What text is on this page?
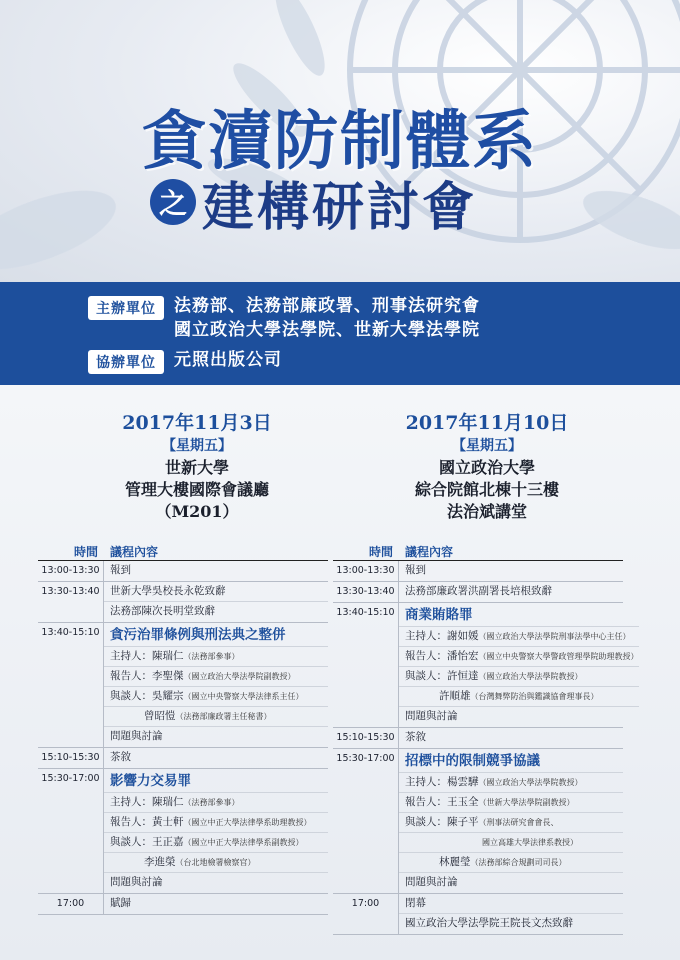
貪瀆防制體系
之 建構研討會
主辦單位	法務部、法務部廉政署、刑事法研究會
國立政治大學法學院、世新大學法學院
協辦單位	元照出版公司
2017年11月3日
【星期五】
世新大學
管理大樓國際會議廳
（M201）
2017年11月10日
【星期五】
國立政治大學
綜合院館北棟十三樓
法治斌講堂
時間	議程內容
13:00-13:30 報到
13:30-13:40 世新大學吳校長永乾致辭
法務部陳次長明堂致辭
13:40-15:10 貪污治罪條例與刑法典之整併
主持人：陳瑞仁（法務部參事）
報告人：李聖傑（國立政治大學法學院副教授）
與談人：吳耀宗（國立中央警察大學法律系主任）
曾昭愷（法務部廉政署主任秘書）
問題與討論
15:10-15:30 茶敘
15:30-17:00 影響力交易罪
主持人：陳瑞仁（法務部參事）
報告人：黃士軒（國立中正大學法律學系助理教授）
與談人：王正嘉（國立中正大學法律學系副教授）
李進榮（台北地檢署檢察官）
問題與討論
17:00	賦歸
時間	議程內容
13:00-13:30 報到
13:30-13:40 法務部廉政署洪副署長培根致辭
13:40-15:10 商業賄賂罪
主持人：謝如媛（國立政治大學法學院刑事法學中心主任）
報告人：潘怡宏（國立中央警察大學警政管理學院助理教授）
與談人：許恒達（國立政治大學法學院教授）
許順雄（台灣舞弊防治與鑑識協會理事長）
問題與討論
15:10-15:30 茶敘
15:30-17:00 招標中的限制競爭協議
主持人：楊雲驊（國立政治大學法學院教授）
報告人：王玉全（世新大學法學院副教授）
與談人：陳子平（刑事法研究會會長、
國立高雄大學法律系教授）
林麗瑩（法務部綜合規劃司司長）
問題與討論
17:00	閉幕
國立政治大學法學院王院長文杰致辭
